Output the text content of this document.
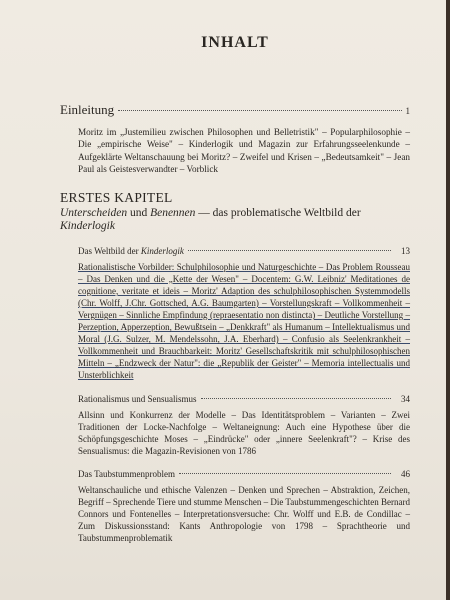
INHALT
Einleitung	1
Moritz im „Justemilieu zwischen Philosophen und Belletristik" – Popularphilosophie – Die „empirische Weise" – Kinderlogik und Magazin zur Erfahrungsseelenkunde – Aufgeklärte Weltanschauung bei Moritz? – Zweifel und Krisen – „Bedeutsamkeit" – Jean Paul als Geistesverwandter – Vorblick
ERSTES KAPITEL
Unterscheiden und Benennen — das problematische Weltbild der Kinderlogik
Das Weltbild der Kinderlogik	13
Rationalistische Vorbilder: Schulphilosophie und Naturgeschichte – Das Problem Rousseau – Das Denken und die „Kette der Wesen" – Docentem: G.W. Leibniz' Meditationes de cognitione, veritate et ideis – Moritz' Adaption des schulphilosophischen Systemmodells (Chr. Wolff, J.Chr. Gottsched, A.G. Baumgarten) – Vorstellungskraft – Vollkommenheit – Vergnügen – Sinnliche Empfindung (repraesentatio non distincta) – Deutliche Vorstellung – Perzeption, Apperzeption, Bewußtsein – „Denkkraft" als Humanum – Intellektualismus und Moral (J.G. Sulzer, M. Mendelssohn, J.A. Eberhard) – Confusio als Seelenkrankheit – Vollkommenheit und Brauchbarkeit: Moritz' Gesellschaftskritik mit schulphilosophischen Mitteln – „Endzweck der Natur": die „Republik der Geister" – Memoria intellectualis und Unsterblichkeit
Rationalismus und Sensualismus	34
Allsinn und Konkurrenz der Modelle – Das Identitätsproblem – Varianten – Zwei Traditionen der Locke-Nachfolge – Weltaneignung: Auch eine Hypothese über die Schöpfungsgeschichte Moses – „Eindrücke" oder „innere Seelenkraft"? – Krise des Sensualismus: die Magazin-Revisionen von 1786
Das Taubstummenproblem	46
Weltanschauliche und ethische Valenzen – Denken und Sprechen – Abstraktion, Zeichen, Begriff – Sprechende Tiere und stumme Menschen – Die Taubstummengeschichten Bernard Connors und Fontenelles – Interpretationsversuche: Chr. Wolff und E.B. de Condillac – Zum Diskussionsstand: Kants Anthropologie von 1798 – Sprachtheorie und Taubstummenproblematik
